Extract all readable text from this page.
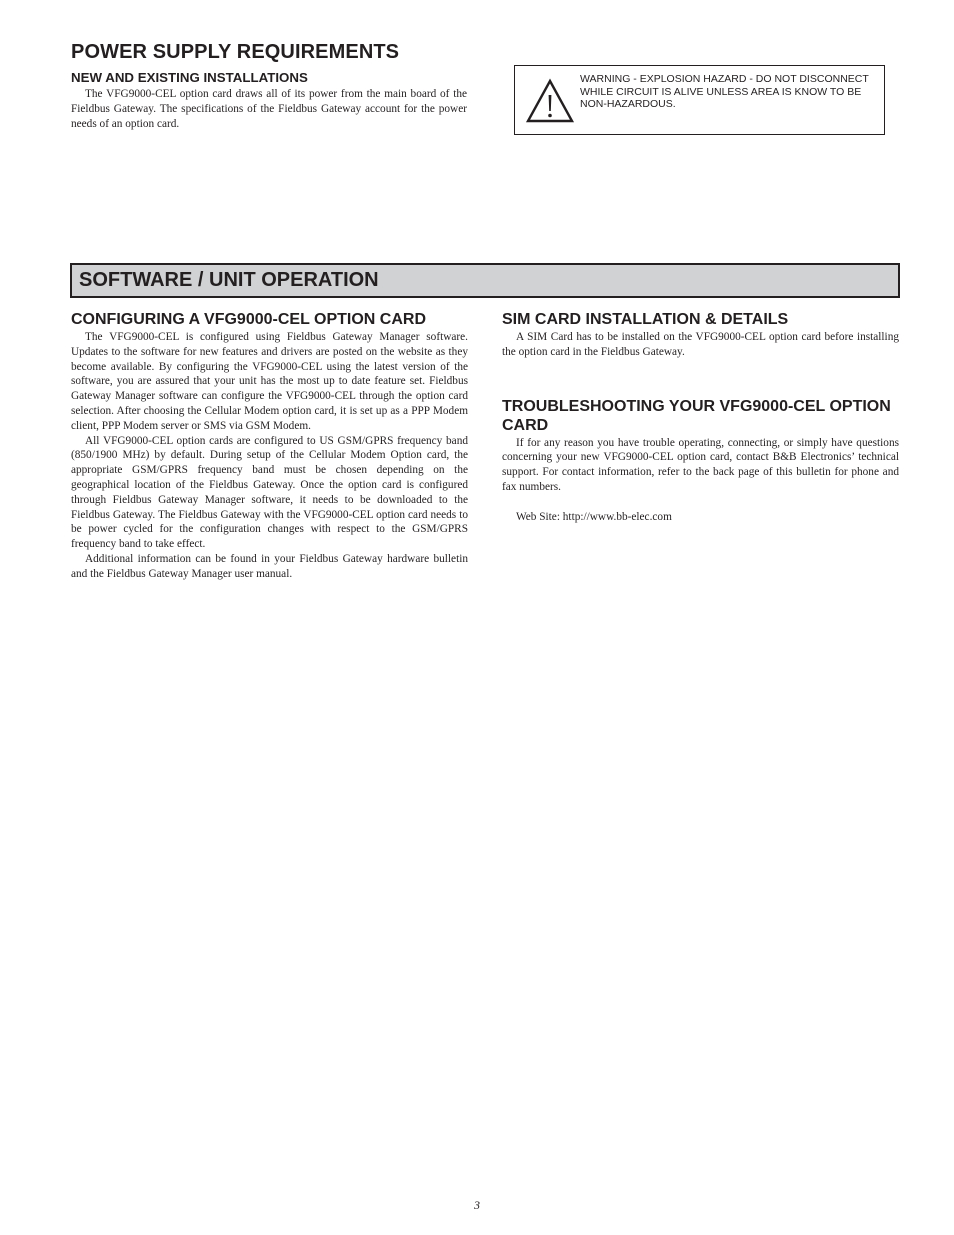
POWER SUPPLY REQUIREMENTS
NEW AND EXISTING INSTALLATIONS

The VFG9000-CEL option card draws all of its power from the main board of the Fieldbus Gateway. The specifications of the Fieldbus Gateway account for the power needs of an option card.

WARNING - EXPLOSION HAZARD - DO NOT DISCONNECT WHILE CIRCUIT IS ALIVE UNLESS AREA IS KNOW TO BE NON-HAZARDOUS.

SOFTWARE / UNIT OPERATION
CONFIGURING A VFG9000-CEL OPTION CARD

The VFG9000-CEL is configured using Fieldbus Gateway Manager software. Updates to the software for new features and drivers are posted on the website as they become available. By configuring the VFG9000-CEL using the latest version of the software, you are assured that your unit has the most up to date feature set. Fieldbus Gateway Manager software can configure the VFG9000-CEL through the option card selection. After choosing the Cellular Modem option card, it is set up as a PPP Modem client, PPP Modem server or SMS via GSM Modem.

All VFG9000-CEL option cards are configured to US GSM/GPRS frequency band (850/1900 MHz) by default. During setup of the Cellular Modem Option card, the appropriate GSM/GPRS frequency band must be chosen depending on the geographical location of the Fieldbus Gateway. Once the option card is configured through Fieldbus Gateway Manager software, it needs to be downloaded to the Fieldbus Gateway. The Fieldbus Gateway with the VFG9000-CEL option card needs to be power cycled for the configuration changes with respect to the GSM/GPRS frequency band to take effect.

Additional information can be found in your Fieldbus Gateway hardware bulletin and the Fieldbus Gateway Manager user manual.

SIM CARD INSTALLATION & DETAILS

A SIM Card has to be installed on the VFG9000-CEL option card before installing the option card in the Fieldbus Gateway.

TROUBLESHOOTING YOUR VFG9000-CEL OPTION CARD

If for any reason you have trouble operating, connecting, or simply have questions concerning your new VFG9000-CEL option card, contact B&B Electronics’ technical support. For contact information, refer to the back page of this bulletin for phone and fax numbers.

Web Site: http://www.bb-elec.com

3
